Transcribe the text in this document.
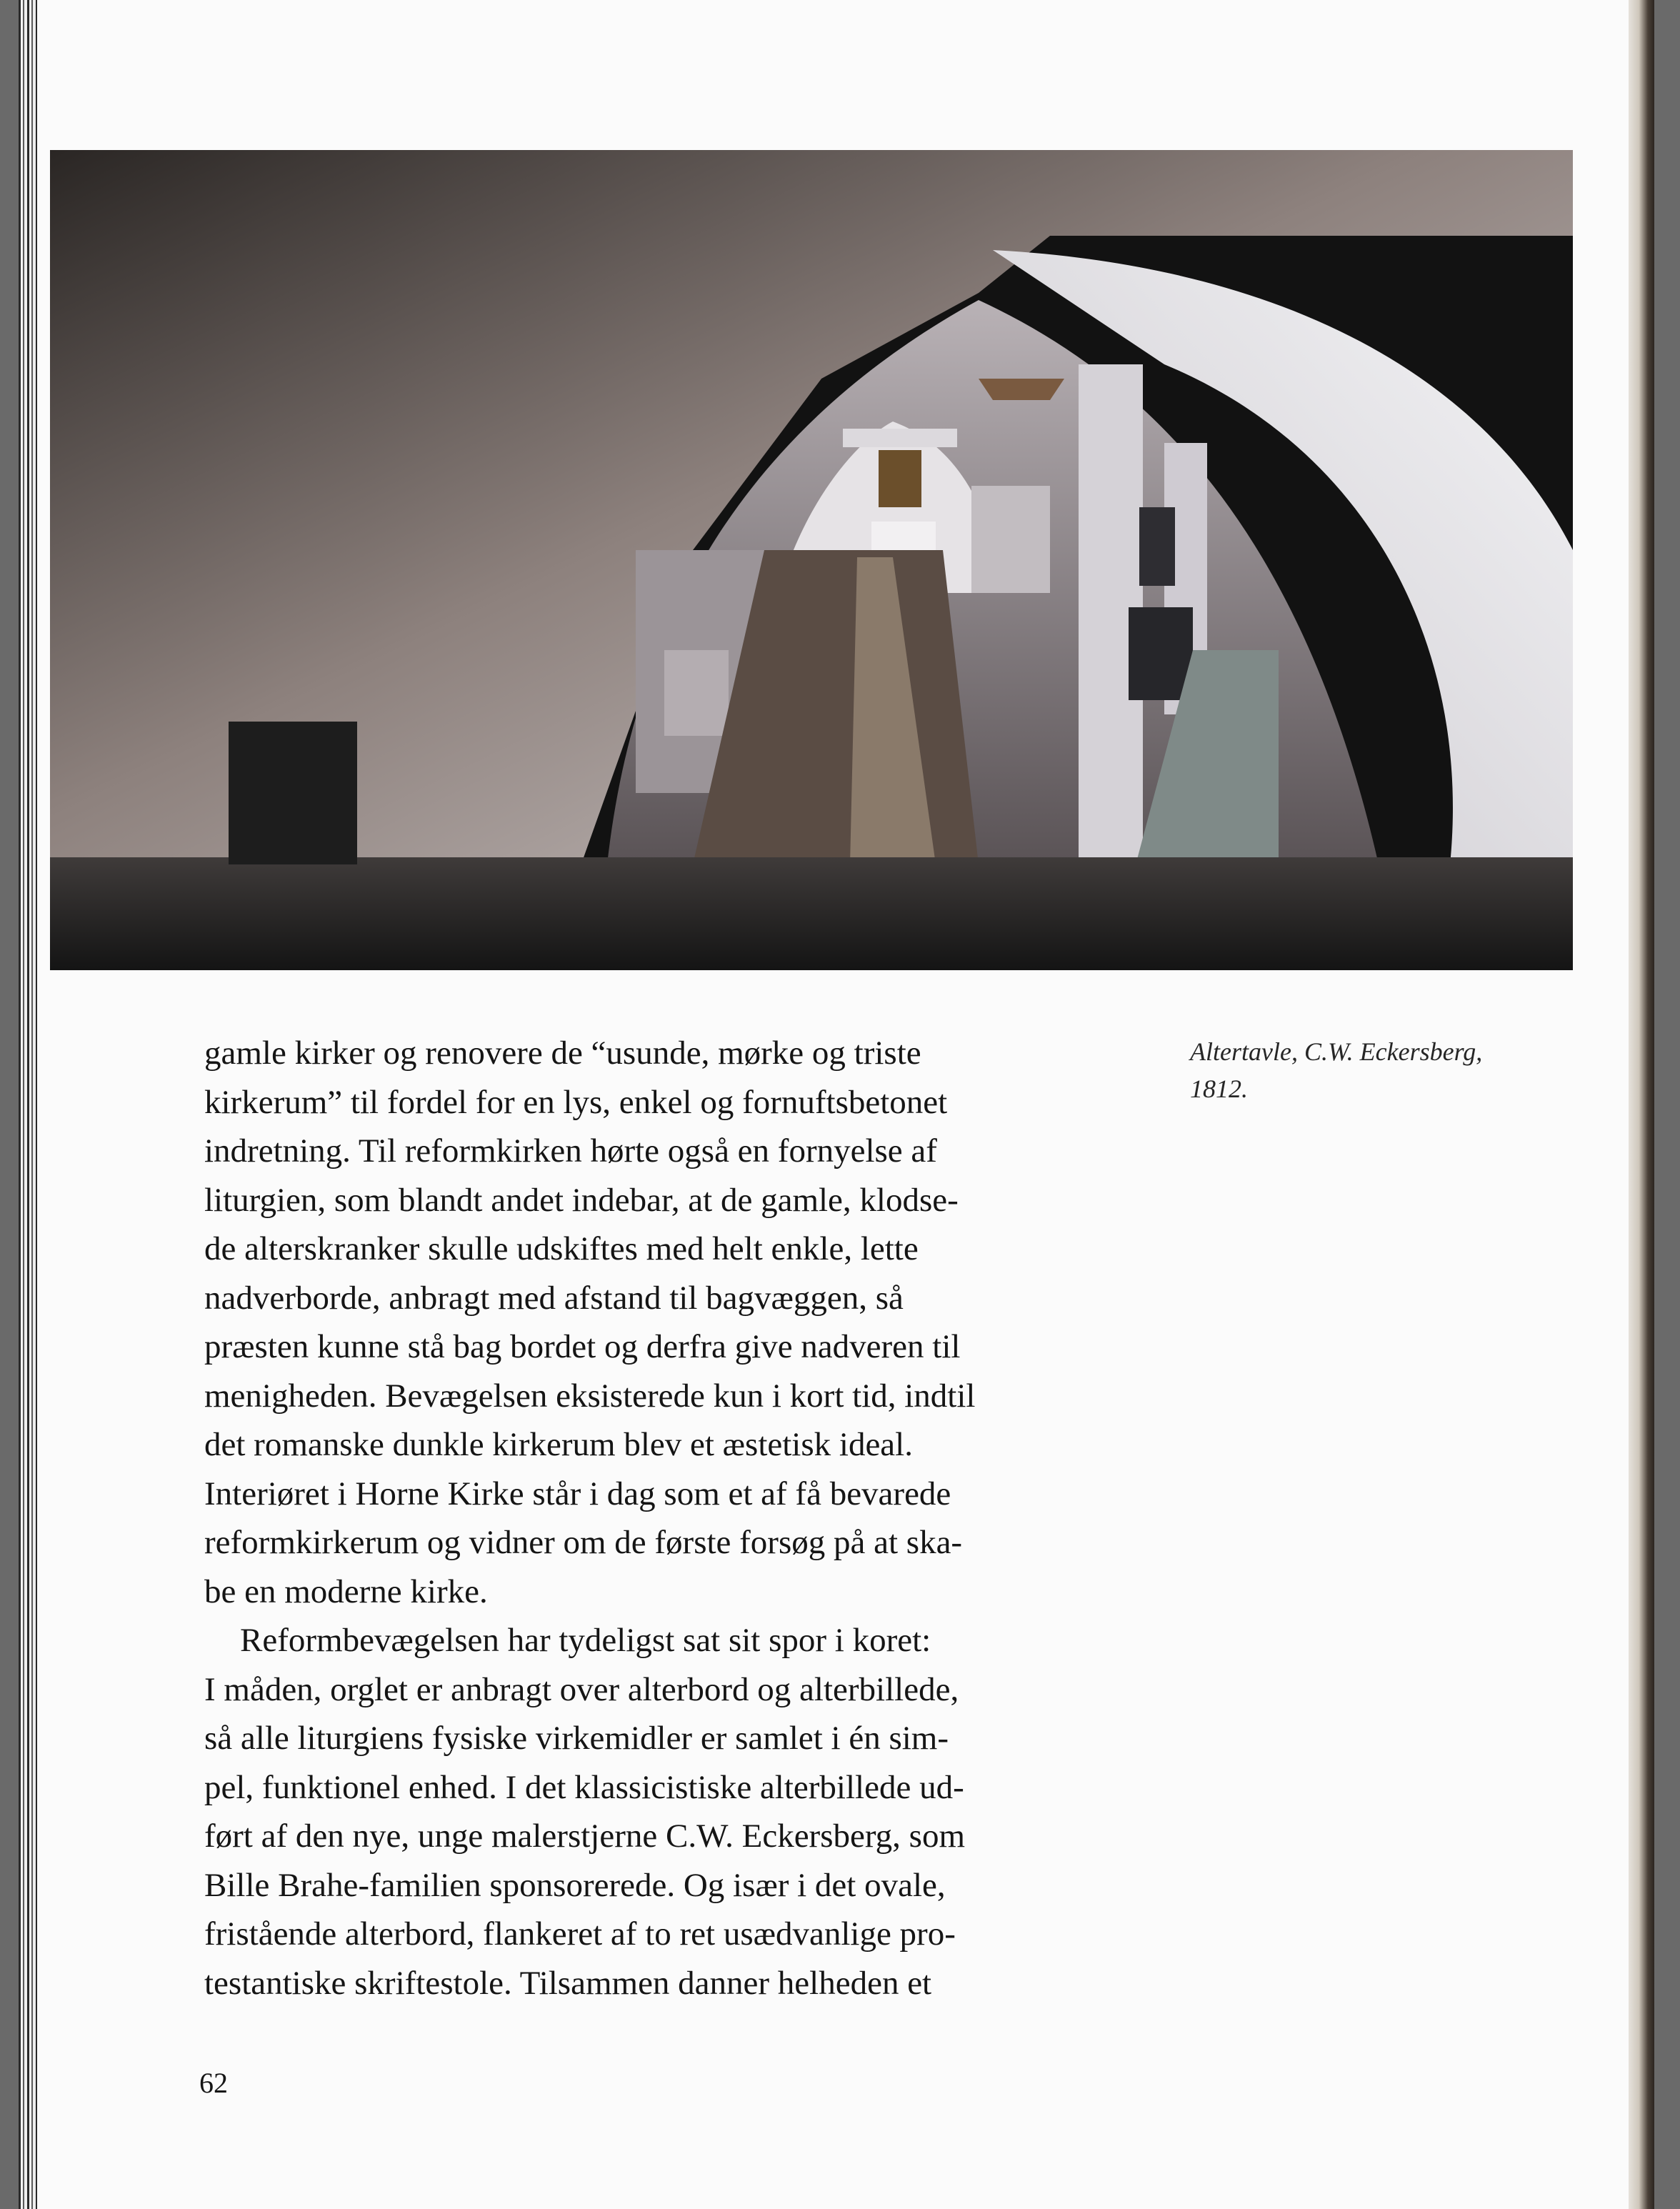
gamle kirker og renovere de “usunde, mørke og triste
kirkerum” til fordel for en lys, enkel og fornuftsbetonet
indretning. Til reformkirken hørte også en fornyelse af
liturgien, som blandt andet indebar, at de gamle, klodse-
de alterskranker skulle udskiftes med helt enkle, lette
nadverborde, anbragt med afstand til bagvæggen, så
præsten kunne stå bag bordet og derfra give nadveren til
menigheden. Bevægelsen eksisterede kun i kort tid, indtil
det romanske dunkle kirkerum blev et æstetisk ideal.
Interiøret i Horne Kirke står i dag som et af få bevarede
reformkirkerum og vidner om de første forsøg på at ska-
be en moderne kirke.
Reformbevægelsen har tydeligst sat sit spor i koret:
I måden, orglet er anbragt over alterbord og alterbillede,
så alle liturgiens fysiske virkemidler er samlet i én sim-
pel, funktionel enhed. I det klassicistiske alterbillede ud-
ført af den nye, unge malerstjerne C.W. Eckersberg, som
Bille Brahe-familien sponsorerede. Og især i det ovale,
fristående alterbord, flankeret af to ret usædvanlige pro-
testantiske skriftestole. Tilsammen danner helheden et
Altertavle, C.W. Eckersberg,
1812.
62
